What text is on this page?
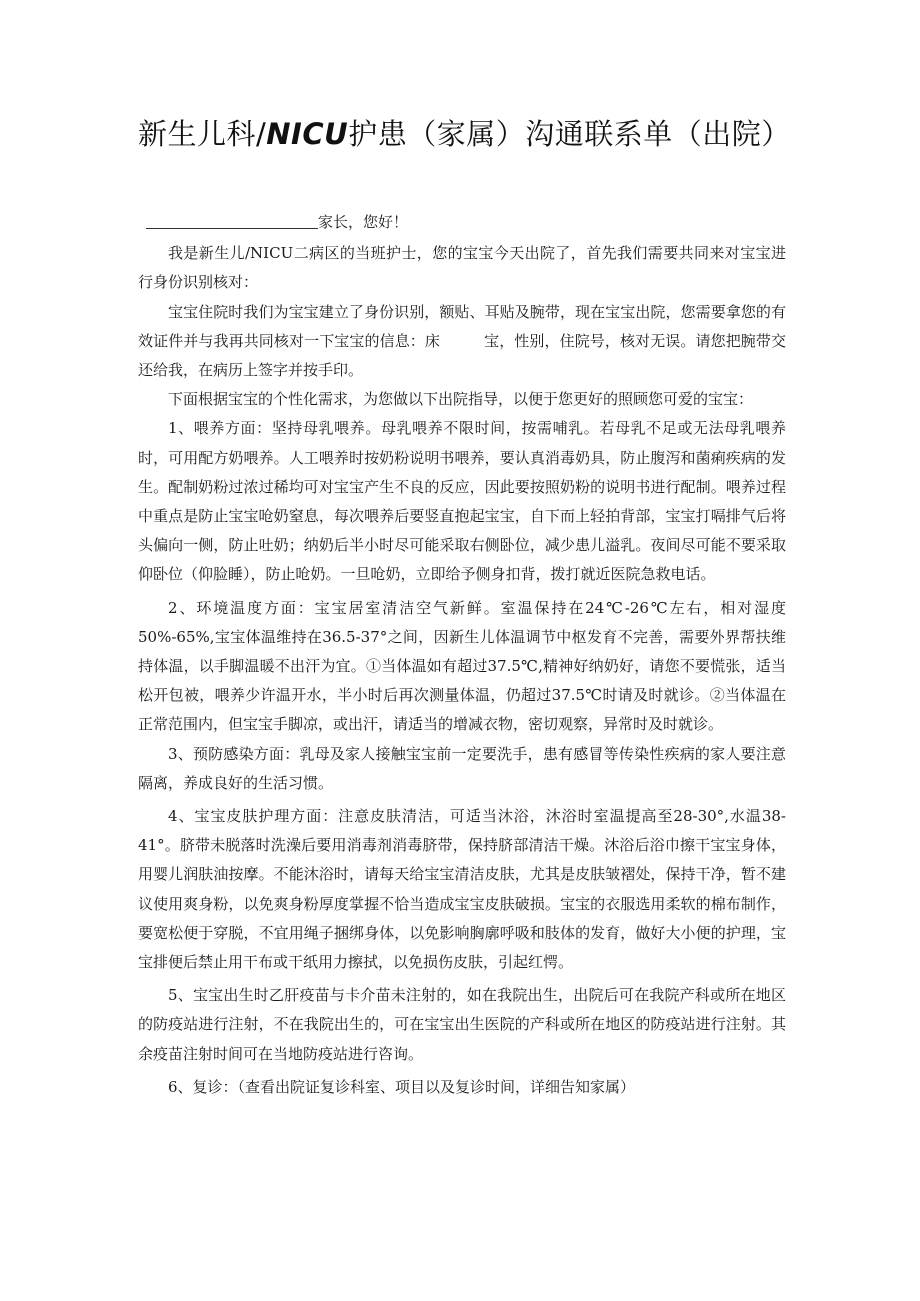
新生儿科/NICU护患（家属）沟通联系单（出院）

家长，您好！

我是新生儿/NICU二病区的当班护士，您的宝宝今天出院了，首先我们需要共同来对宝宝进行身份识别核对：

宝宝住院时我们为宝宝建立了身份识别，额贴、耳贴及腕带，现在宝宝出院，您需要拿您的有效证件并与我再共同核对一下宝宝的信息：床	宝，性别，住院号，核对无误。请您把腕带交还给我，在病历上签字并按手印。

下面根据宝宝的个性化需求，为您做以下出院指导，以便于您更好的照顾您可爱的宝宝：

1、喂养方面：坚持母乳喂养。母乳喂养不限时间，按需哺乳。若母乳不足或无法母乳喂养时，可用配方奶喂养。人工喂养时按奶粉说明书喂养，要认真消毒奶具，防止腹泻和菌痢疾病的发生。配制奶粉过浓过稀均可对宝宝产生不良的反应，因此要按照奶粉的说明书进行配制。喂养过程中重点是防止宝宝呛奶窒息，每次喂养后要竖直抱起宝宝，自下而上轻拍背部，宝宝打嗝排气后将头偏向一侧，防止吐奶；纳奶后半小时尽可能采取右侧卧位，减少患儿溢乳。夜间尽可能不要采取仰卧位（仰脸睡），防止呛奶。一旦呛奶，立即给予侧身扣背，拨打就近医院急救电话。

2、环境温度方面：宝宝居室清洁空气新鲜。室温保持在24℃-26℃左右，相对湿度50%-65%,宝宝体温维持在36.5-37°之间，因新生儿体温调节中枢发育不完善，需要外界帮扶维持体温，以手脚温暖不出汗为宜。①当体温如有超过37.5℃,精神好纳奶好，请您不要慌张，适当松开包被，喂养少许温开水，半小时后再次测量体温，仍超过37.5℃时请及时就诊。②当体温在正常范围内，但宝宝手脚凉，或出汗，请适当的增减衣物，密切观察，异常时及时就诊。

3、预防感染方面：乳母及家人接触宝宝前一定要洗手，患有感冒等传染性疾病的家人要注意隔离，养成良好的生活习惯。

4、宝宝皮肤护理方面：注意皮肤清洁，可适当沐浴，沐浴时室温提高至28-30°,水温38-41°。脐带未脱落时洗澡后要用消毒剂消毒脐带，保持脐部清洁干燥。沐浴后浴巾擦干宝宝身体，用婴儿润肤油按摩。不能沐浴时，请每天给宝宝清洁皮肤，尤其是皮肤皱褶处，保持干净，暂不建议使用爽身粉，以免爽身粉厚度掌握不恰当造成宝宝皮肤破损。宝宝的衣服选用柔软的棉布制作，要宽松便于穿脱，不宜用绳子捆绑身体，以免影响胸廓呼吸和肢体的发育，做好大小便的护理，宝宝排便后禁止用干布或干纸用力擦拭，以免损伤皮肤，引起红愕。

5、宝宝出生时乙肝疫苗与卡介苗未注射的，如在我院出生，出院后可在我院产科或所在地区的防疫站进行注射，不在我院出生的，可在宝宝出生医院的产科或所在地区的防疫站进行注射。其余疫苗注射时间可在当地防疫站进行咨询。

6、复诊：（查看出院证复诊科室、项目以及复诊时间，详细告知家属）
